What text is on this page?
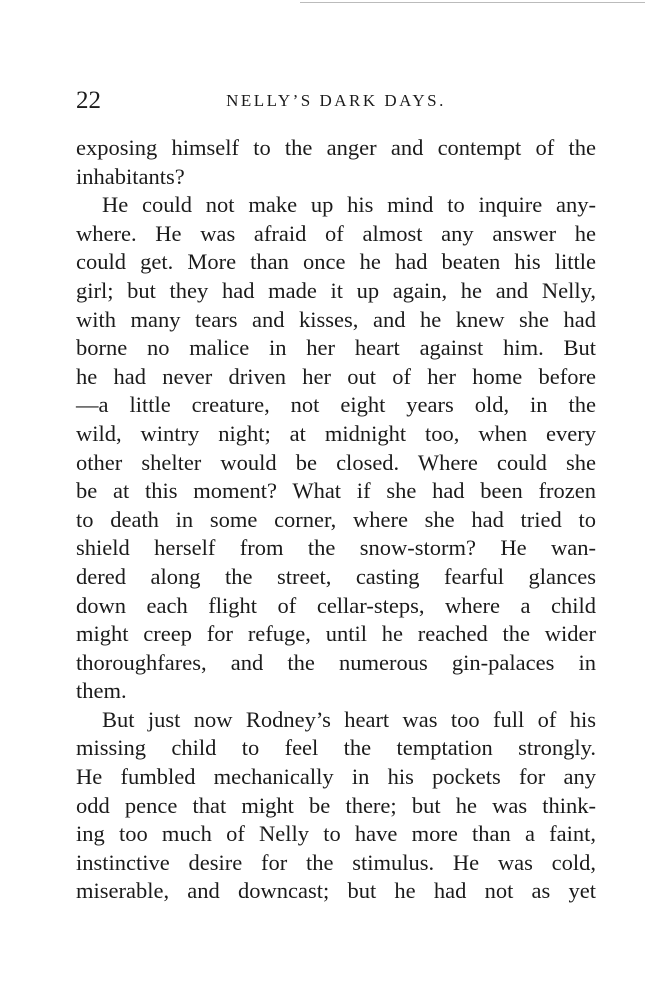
22	NELLY’S DARK DAYS.
exposing himself to the anger and contempt of the
inhabitants?
He could not make up his mind to inquire any-
where. He was afraid of almost any answer he
could get. More than once he had beaten his little
girl; but they had made it up again, he and Nelly,
with many tears and kisses, and he knew she had
borne no malice in her heart against him. But
he had never driven her out of her home before
—a little creature, not eight years old, in the
wild, wintry night; at midnight too, when every
other shelter would be closed. Where could she
be at this moment? What if she had been frozen
to death in some corner, where she had tried to
shield herself from the snow-storm? He wan-
dered along the street, casting fearful glances
down each flight of cellar-steps, where a child
might creep for refuge, until he reached the wider
thoroughfares, and the numerous gin-palaces in
them.
But just now Rodney’s heart was too full of his
missing child to feel the temptation strongly.
He fumbled mechanically in his pockets for any
odd pence that might be there; but he was think-
ing too much of Nelly to have more than a faint,
instinctive desire for the stimulus. He was cold,
miserable, and downcast; but he had not as yet
